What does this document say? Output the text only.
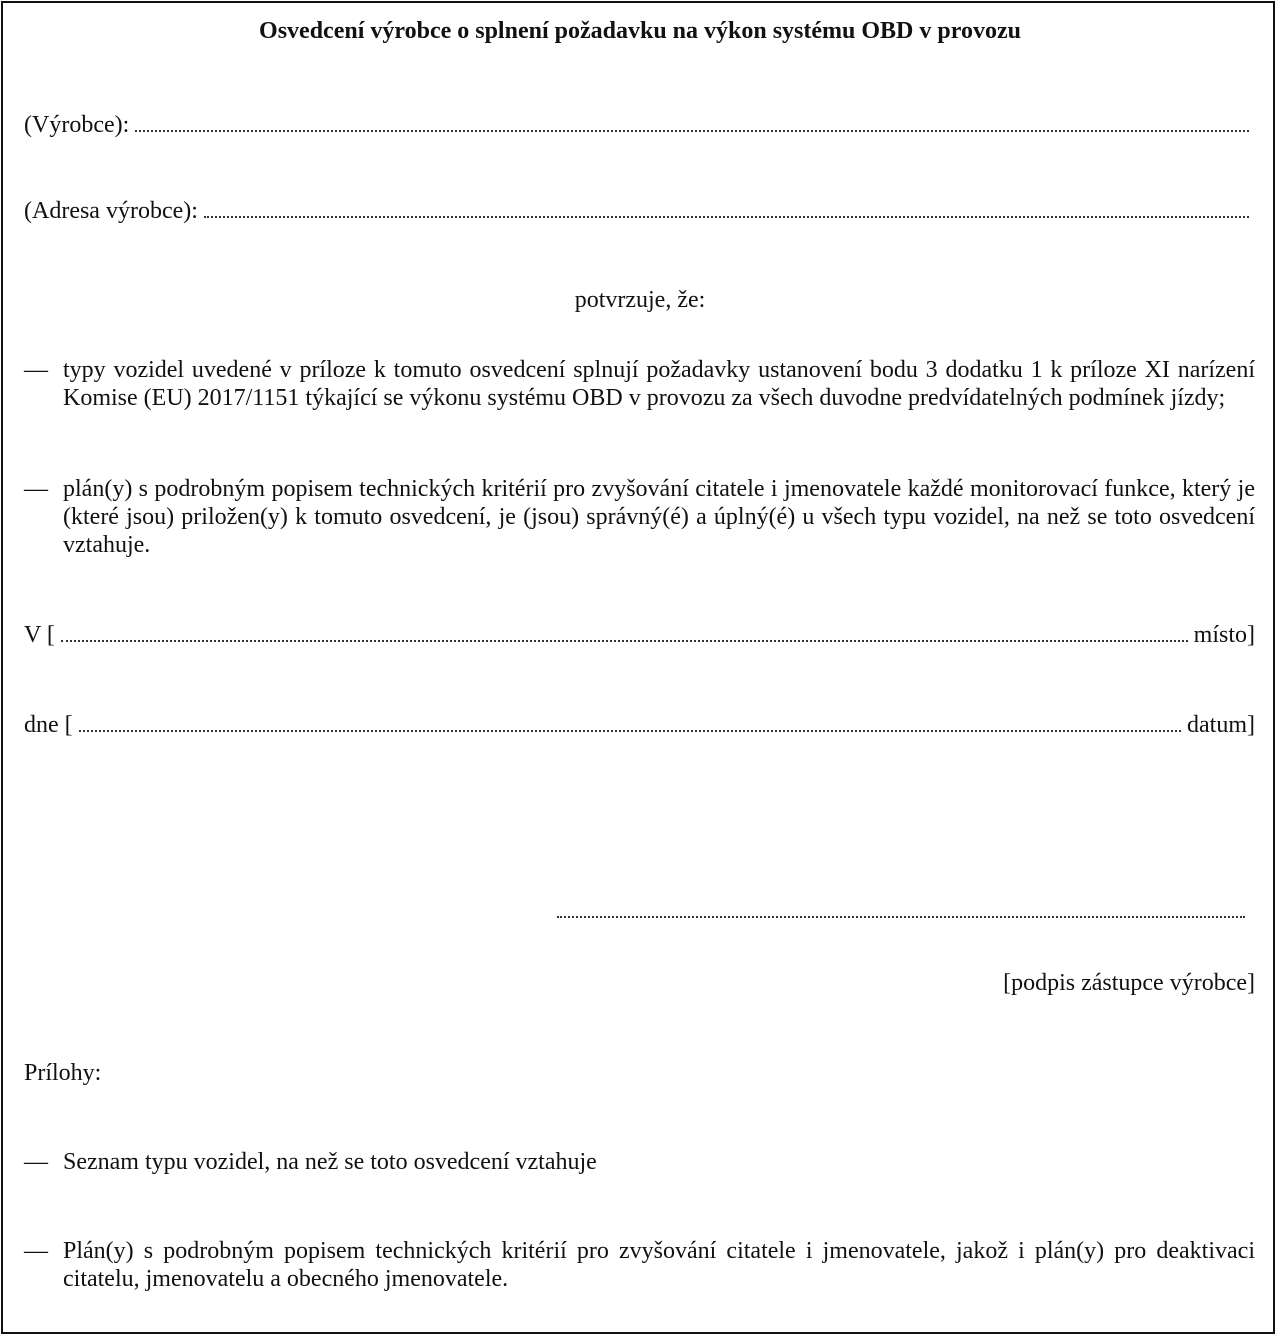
Osvedcení výrobce o splnení požadavku na výkon systému OBD v provozu
(Výrobce):
(Adresa výrobce):
potvrzuje, že:
— typy vozidel uvedené v príloze k tomuto osvedcení splnují požadavky ustanovení bodu 3 dodatku 1 k príloze XI narízení Komise (EU) 2017/1151 týkající se výkonu systému OBD v provozu za všech duvodne predvídatelných podmínek jízdy;
— plán(y) s podrobným popisem technických kritérií pro zvyšování citatele i jmenovatele každé monitorovací funkce, který je (které jsou) priložen(y) k tomuto osvedcení, je (jsou) správný(é) a úplný(é) u všech typu vozidel, na než se toto osvedcení vztahuje.
V [	místo]
dne [	datum]
[podpis zástupce výrobce]
Prílohy:
— Seznam typu vozidel, na než se toto osvedcení vztahuje
— Plán(y) s podrobným popisem technických kritérií pro zvyšování citatele i jmenovatele, jakož i plán(y) pro deaktivaci citatelu, jmenovatelu a obecného jmenovatele.
